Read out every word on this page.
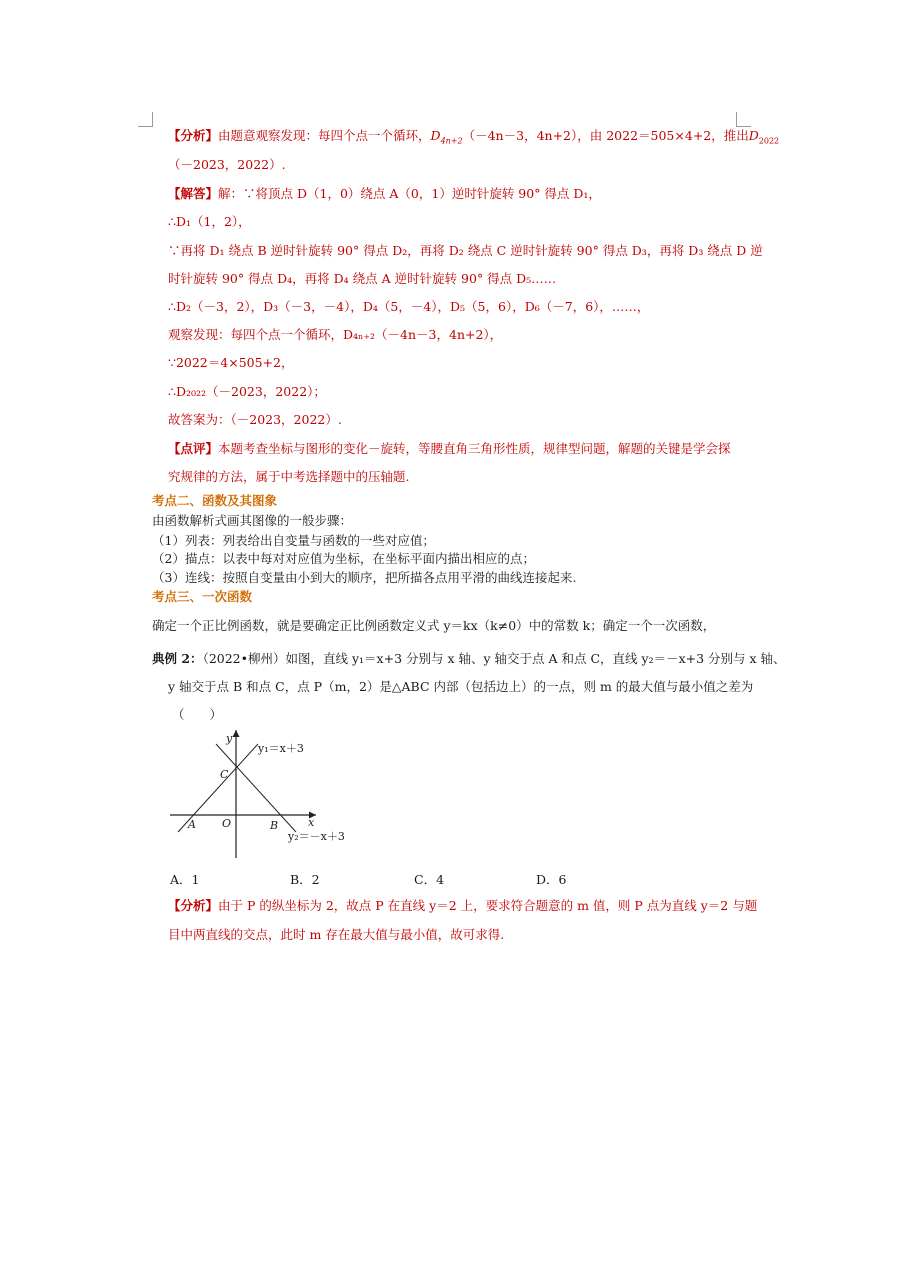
【分析】由题意观察发现：每四个点一个循环，$D_{4n+2}(-4n-3$，4n+2），由 2022＝505×4+2，推出$D_{2022}$
（－2023，2022）.
【解答】解：∵将顶点 D（1，0）绕点 A（0，1）逆时针旋转 90° 得点 D₁，
∴D₁（1，2），
∵再将 D₁ 绕点 B 逆时针旋转 90° 得点 D₂，再将 D₂ 绕点 C 逆时针旋转 90° 得点 D₃，再将 D₃ 绕点 D 逆
时针旋转 90° 得点 D₄，再将 D₄ 绕点 A 逆时针旋转 90° 得点 D₅……
∴D₂（－3，2），D₃（－3，－4），D₄（5，－4），D₅（5，6），D₆（－7，6），……，
观察发现：每四个点一个循环，D₄ₙ₊₂（－4n－3，4n+2），
∵2022＝4×505+2，
∴D₂₀₂₂（－2023，2022）；
故答案为：（－2023，2022）.
【点评】本题考查坐标与图形的变化－旋转，等腰直角三角形性质，规律型问题，解题的关键是学会探
究规律的方法，属于中考选择题中的压轴题.
考点二、函数及其图象
由函数解析式画其图像的一般步骤：
（1）列表：列表给出自变量与函数的一些对应值；
（2）描点：以表中每对对应值为坐标，在坐标平面内描出相应的点；
（3）连线：按照自变量由小到大的顺序，把所描各点用平滑的曲线连接起来.
考点三、一次函数
确定一个正比例函数，就是要确定正比例函数定义式 y＝kx（k≠0）中的常数 k；确定一个一次函数，
典例 2：（2022•柳州）如图，直线 y₁＝x+3 分别与 x 轴、y 轴交于点 A 和点 C，直线 y₂＝－x+3 分别与 x 轴、
y 轴交于点 B 和点 C，点 P（m，2）是△ABC 内部（包括边上）的一点，则 m 的最大值与最小值之差为
（　　）
y
x
C
A O	B
y₁＝x＋3
y₂＝－x＋3
A．1	B．2	C．4	D．6
【分析】由于 P 的纵坐标为 2，故点 P 在直线 y＝2 上，要求符合题意的 m 值，则 P 点为直线 y＝2 与题
目中两直线的交点，此时 m 存在最大值与最小值，故可求得.
